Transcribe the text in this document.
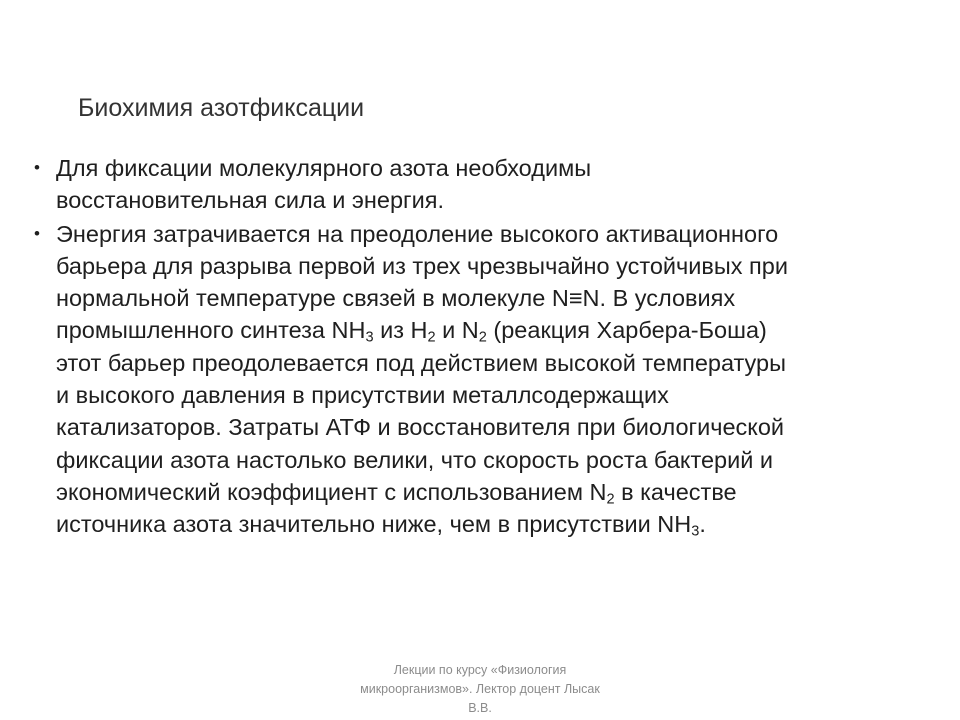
Биохимия азотфиксации
• Для фиксации молекулярного азота необходимы
восстановительная сила и энергия.
• Энергия затрачивается на преодоление высокого активационного
барьера для разрыва первой из трех чрезвычайно устойчивых при
нормальной температуре связей в молекуле N≡N. В условиях
промышленного синтеза $NH_3$ из $H_2$ и $N_2$ (реакция Харбера-Боша)
этот барьер преодолевается под действием высокой температуры
и высокого давления в присутствии металлсодержащих
катализаторов. Затраты АТФ и восстановителя при биологической
фиксации азота настолько велики, что скорость роста бактерий и
экономический коэффициент с использованием $N_2$ в качестве
источника азота значительно ниже, чем в присутствии $NH_3$.
Лекции по курсу «Физиология
микроорганизмов». Лектор доцент Лысак
В.В.
